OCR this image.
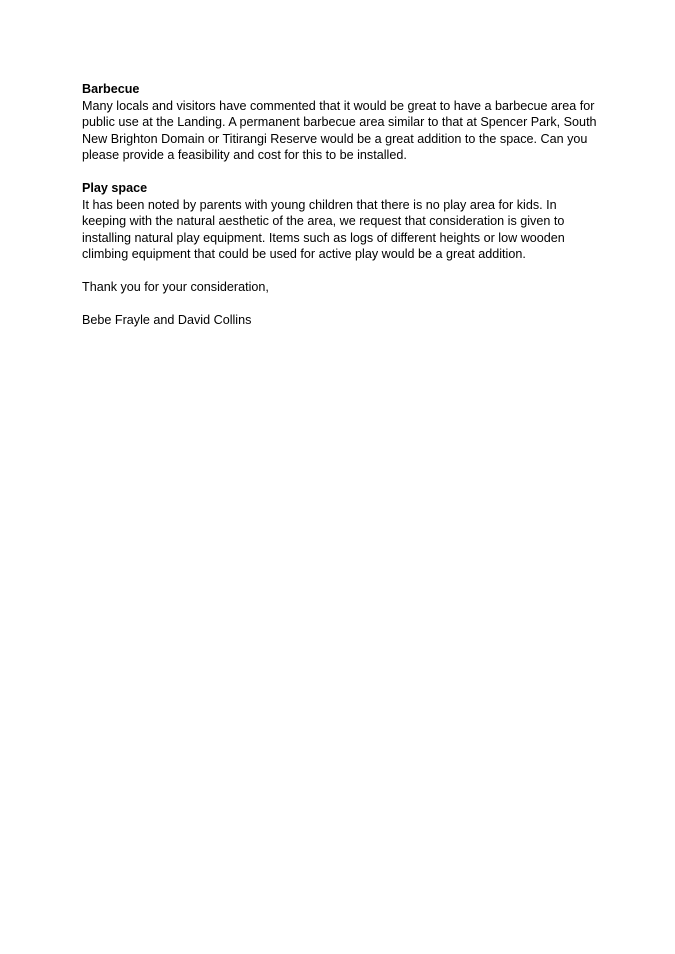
Barbecue
Many locals and visitors have commented that it would be great to have a barbecue area for
public use at the Landing. A permanent barbecue area similar to that at Spencer Park, South
New Brighton Domain or Titirangi Reserve would be a great addition to the space. Can you
please provide a feasibility and cost for this to be installed.
Play space
It has been noted by parents with young children that there is no play area for kids. In
keeping with the natural aesthetic of the area, we request that consideration is given to
installing natural play equipment. Items such as logs of different heights or low wooden
climbing equipment that could be used for active play would be a great addition.

Thank you for your consideration,

Bebe Frayle and David Collins
